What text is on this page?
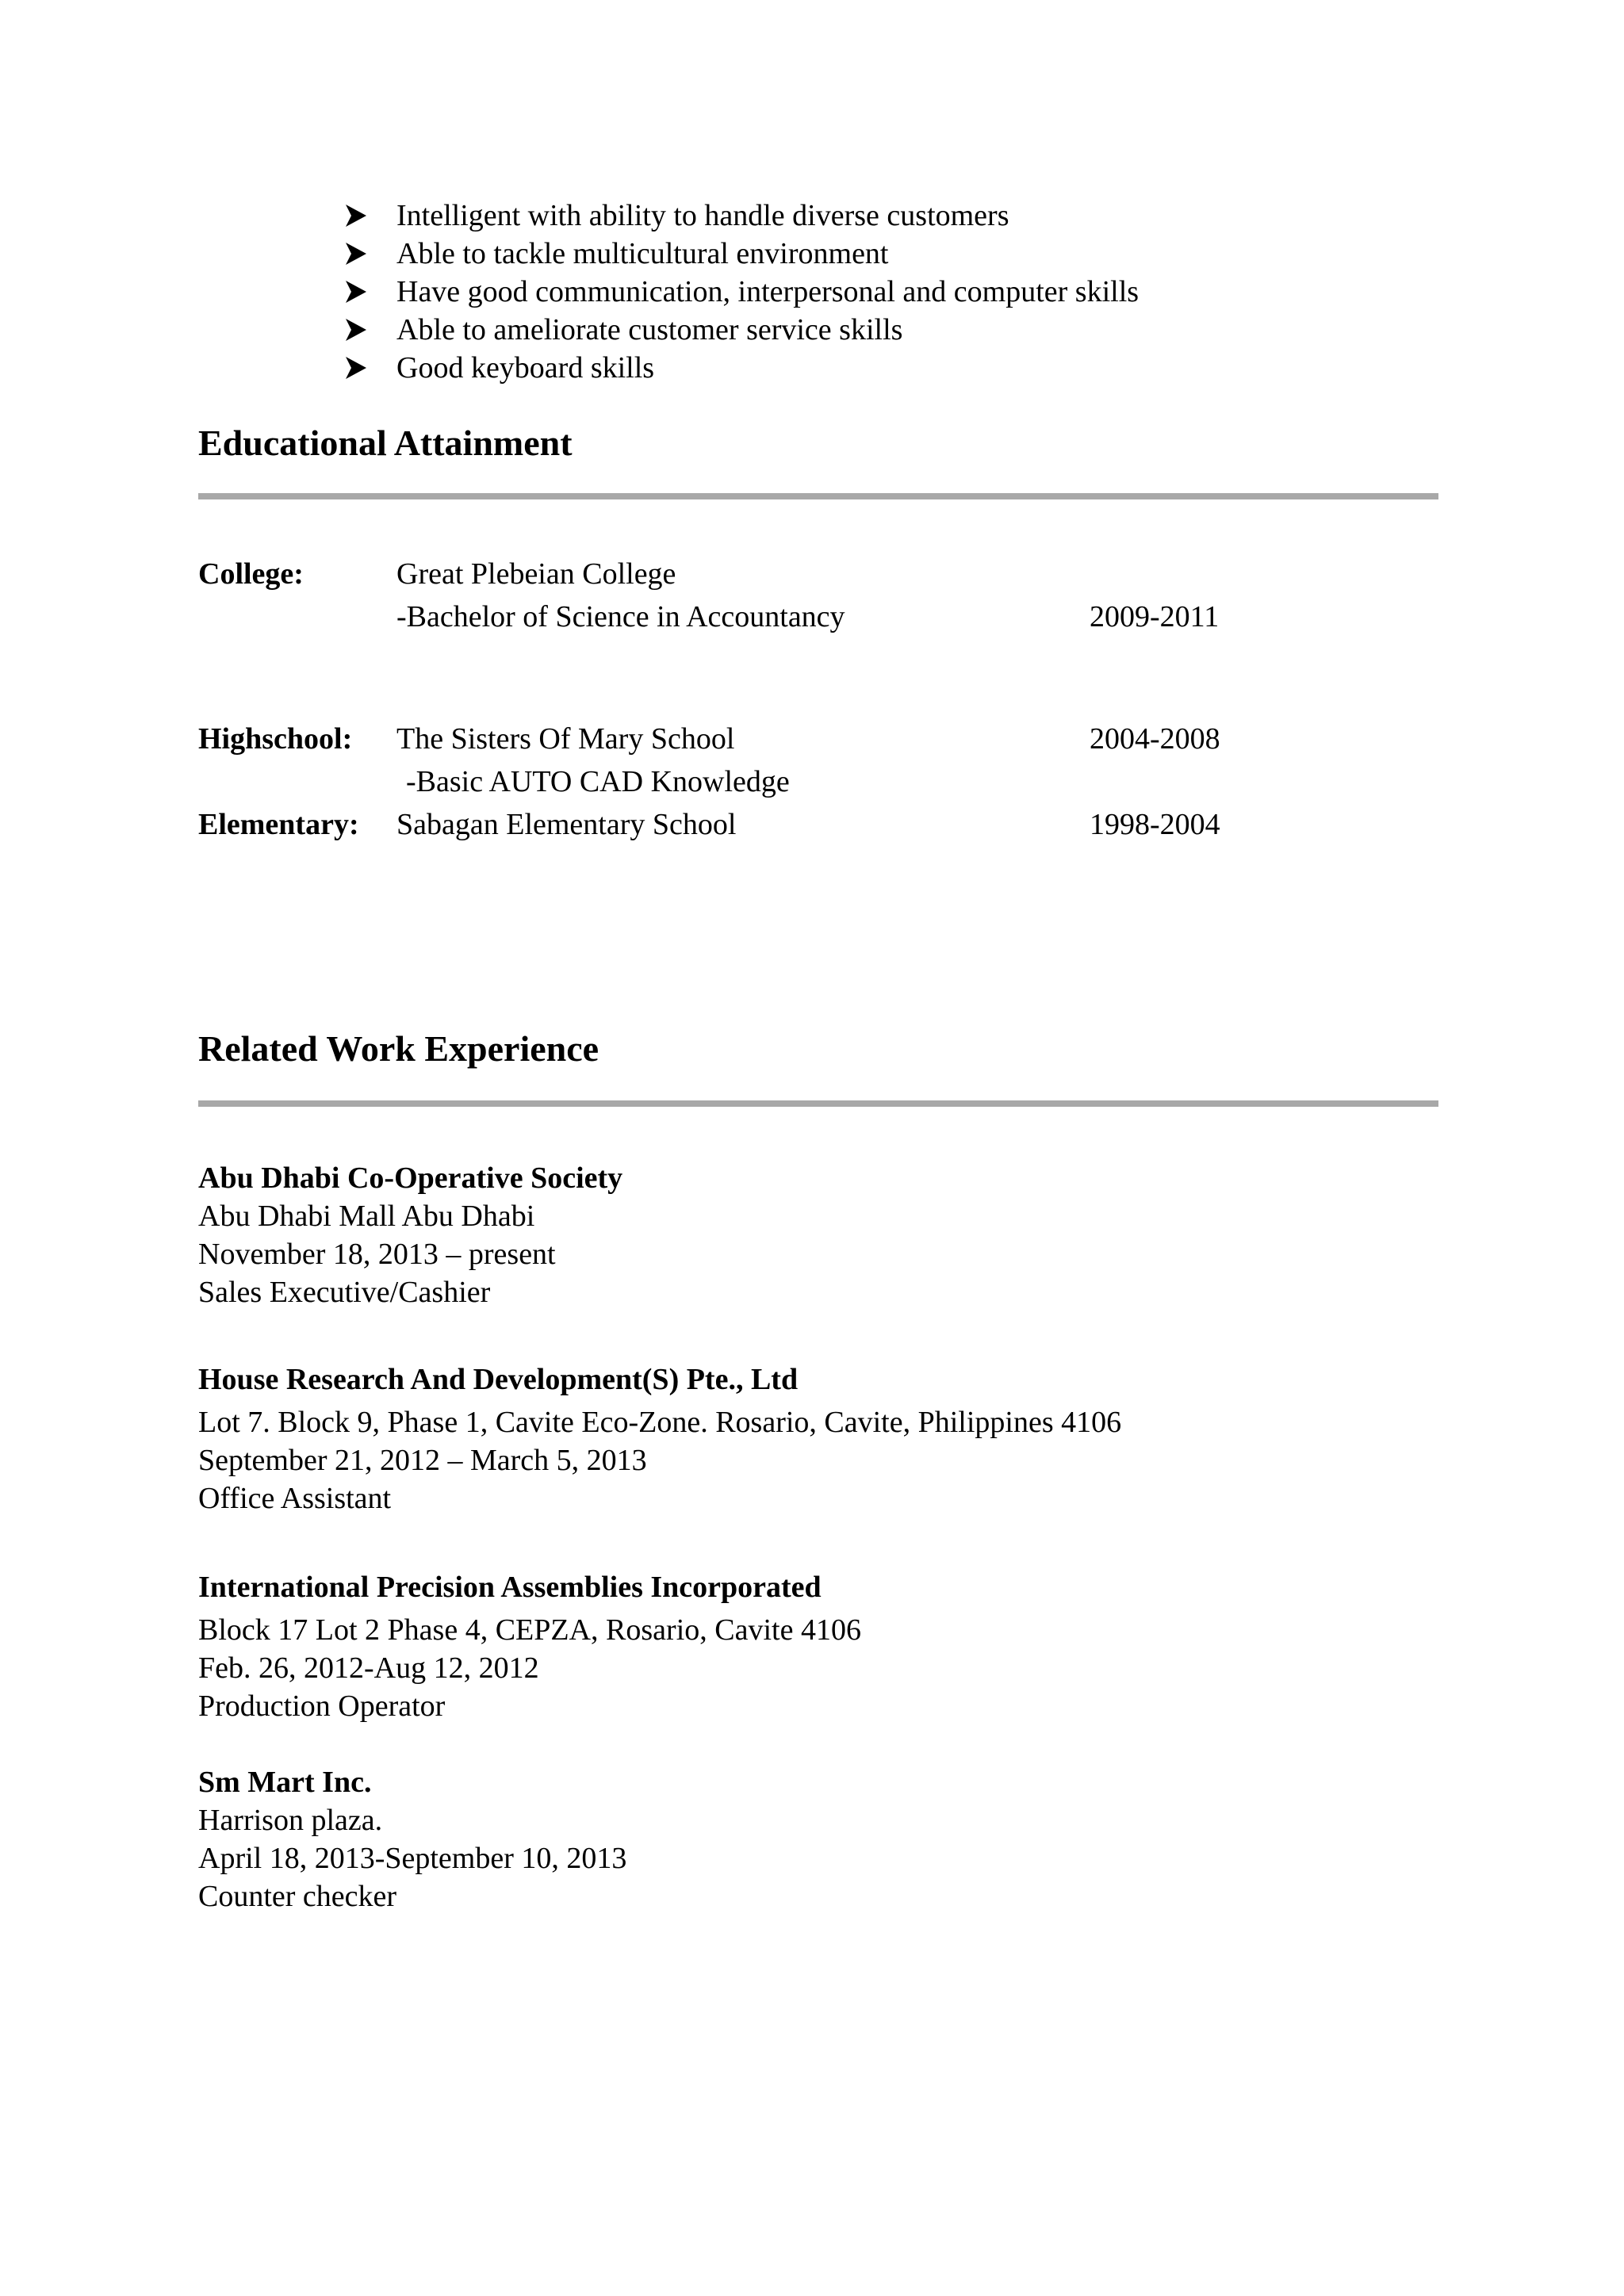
Intelligent with ability to handle diverse customers
Able to tackle multicultural environment
Have good communication, interpersonal and computer skills
Able to ameliorate customer service skills
Good keyboard skills
Educational Attainment
College:	Great Plebeian College
-Bachelor of Science in Accountancy	2009-2011
Highschool: The Sisters Of Mary School	2004-2008
-Basic AUTO CAD Knowledge
Elementary: Sabagan Elementary School	1998-2004
Related Work Experience
Abu Dhabi Co-Operative Society
Abu Dhabi Mall Abu Dhabi
November 18, 2013 – present
Sales Executive/Cashier
House Research And Development(S) Pte., Ltd
Lot 7. Block 9, Phase 1, Cavite Eco-Zone. Rosario, Cavite, Philippines 4106
September 21, 2012 – March 5, 2013
Office Assistant
International Precision Assemblies Incorporated
Block 17 Lot 2 Phase 4, CEPZA, Rosario, Cavite 4106
Feb. 26, 2012-Aug 12, 2012
Production Operator
Sm Mart Inc.
Harrison plaza.
April 18, 2013-September 10, 2013
Counter checker
